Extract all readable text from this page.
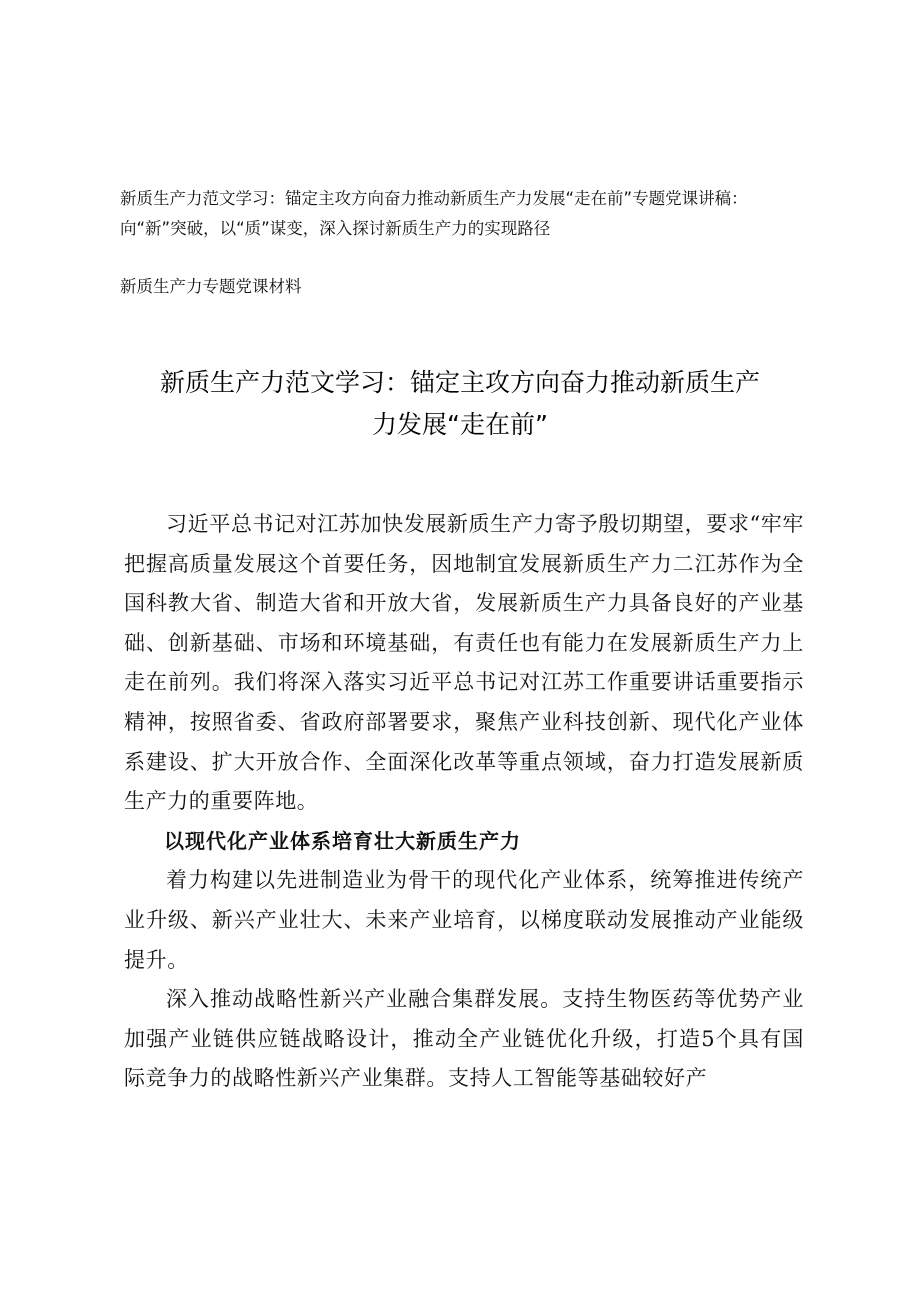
新质生产力范文学习：锚定主攻方向奋力推动新质生产力发展“走在前”专题党课讲稿：向“新”突破，以“质”谋变，深入探讨新质生产力的实现路径

新质生产力专题党课材料

新质生产力范文学习：锚定主攻方向奋力推动新质生产

力发展“走在前”

习近平总书记对江苏加快发展新质生产力寄予殷切期望，要求“牢牢把握高质量发展这个首要任务，因地制宜发展新质生产力二江苏作为全国科教大省、制造大省和开放大省，发展新质生产力具备良好的产业基础、创新基础、市场和环境基础，有责任也有能力在发展新质生产力上走在前列。我们将深入落实习近平总书记对江苏工作重要讲话重要指示精神，按照省委、省政府部署要求，聚焦产业科技创新、现代化产业体系建设、扩大开放合作、全面深化改革等重点领域，奋力打造发展新质生产力的重要阵地。

以现代化产业体系培育壮大新质生产力

着力构建以先进制造业为骨干的现代化产业体系，统筹推进传统产业升级、新兴产业壮大、未来产业培育，以梯度联动发展推动产业能级提升。

深入推动战略性新兴产业融合集群发展。支持生物医药等优势产业加强产业链供应链战略设计，推动全产业链优化升级，打造5个具有国际竞争力的战略性新兴产业集群。支持人工智能等基础较好产
